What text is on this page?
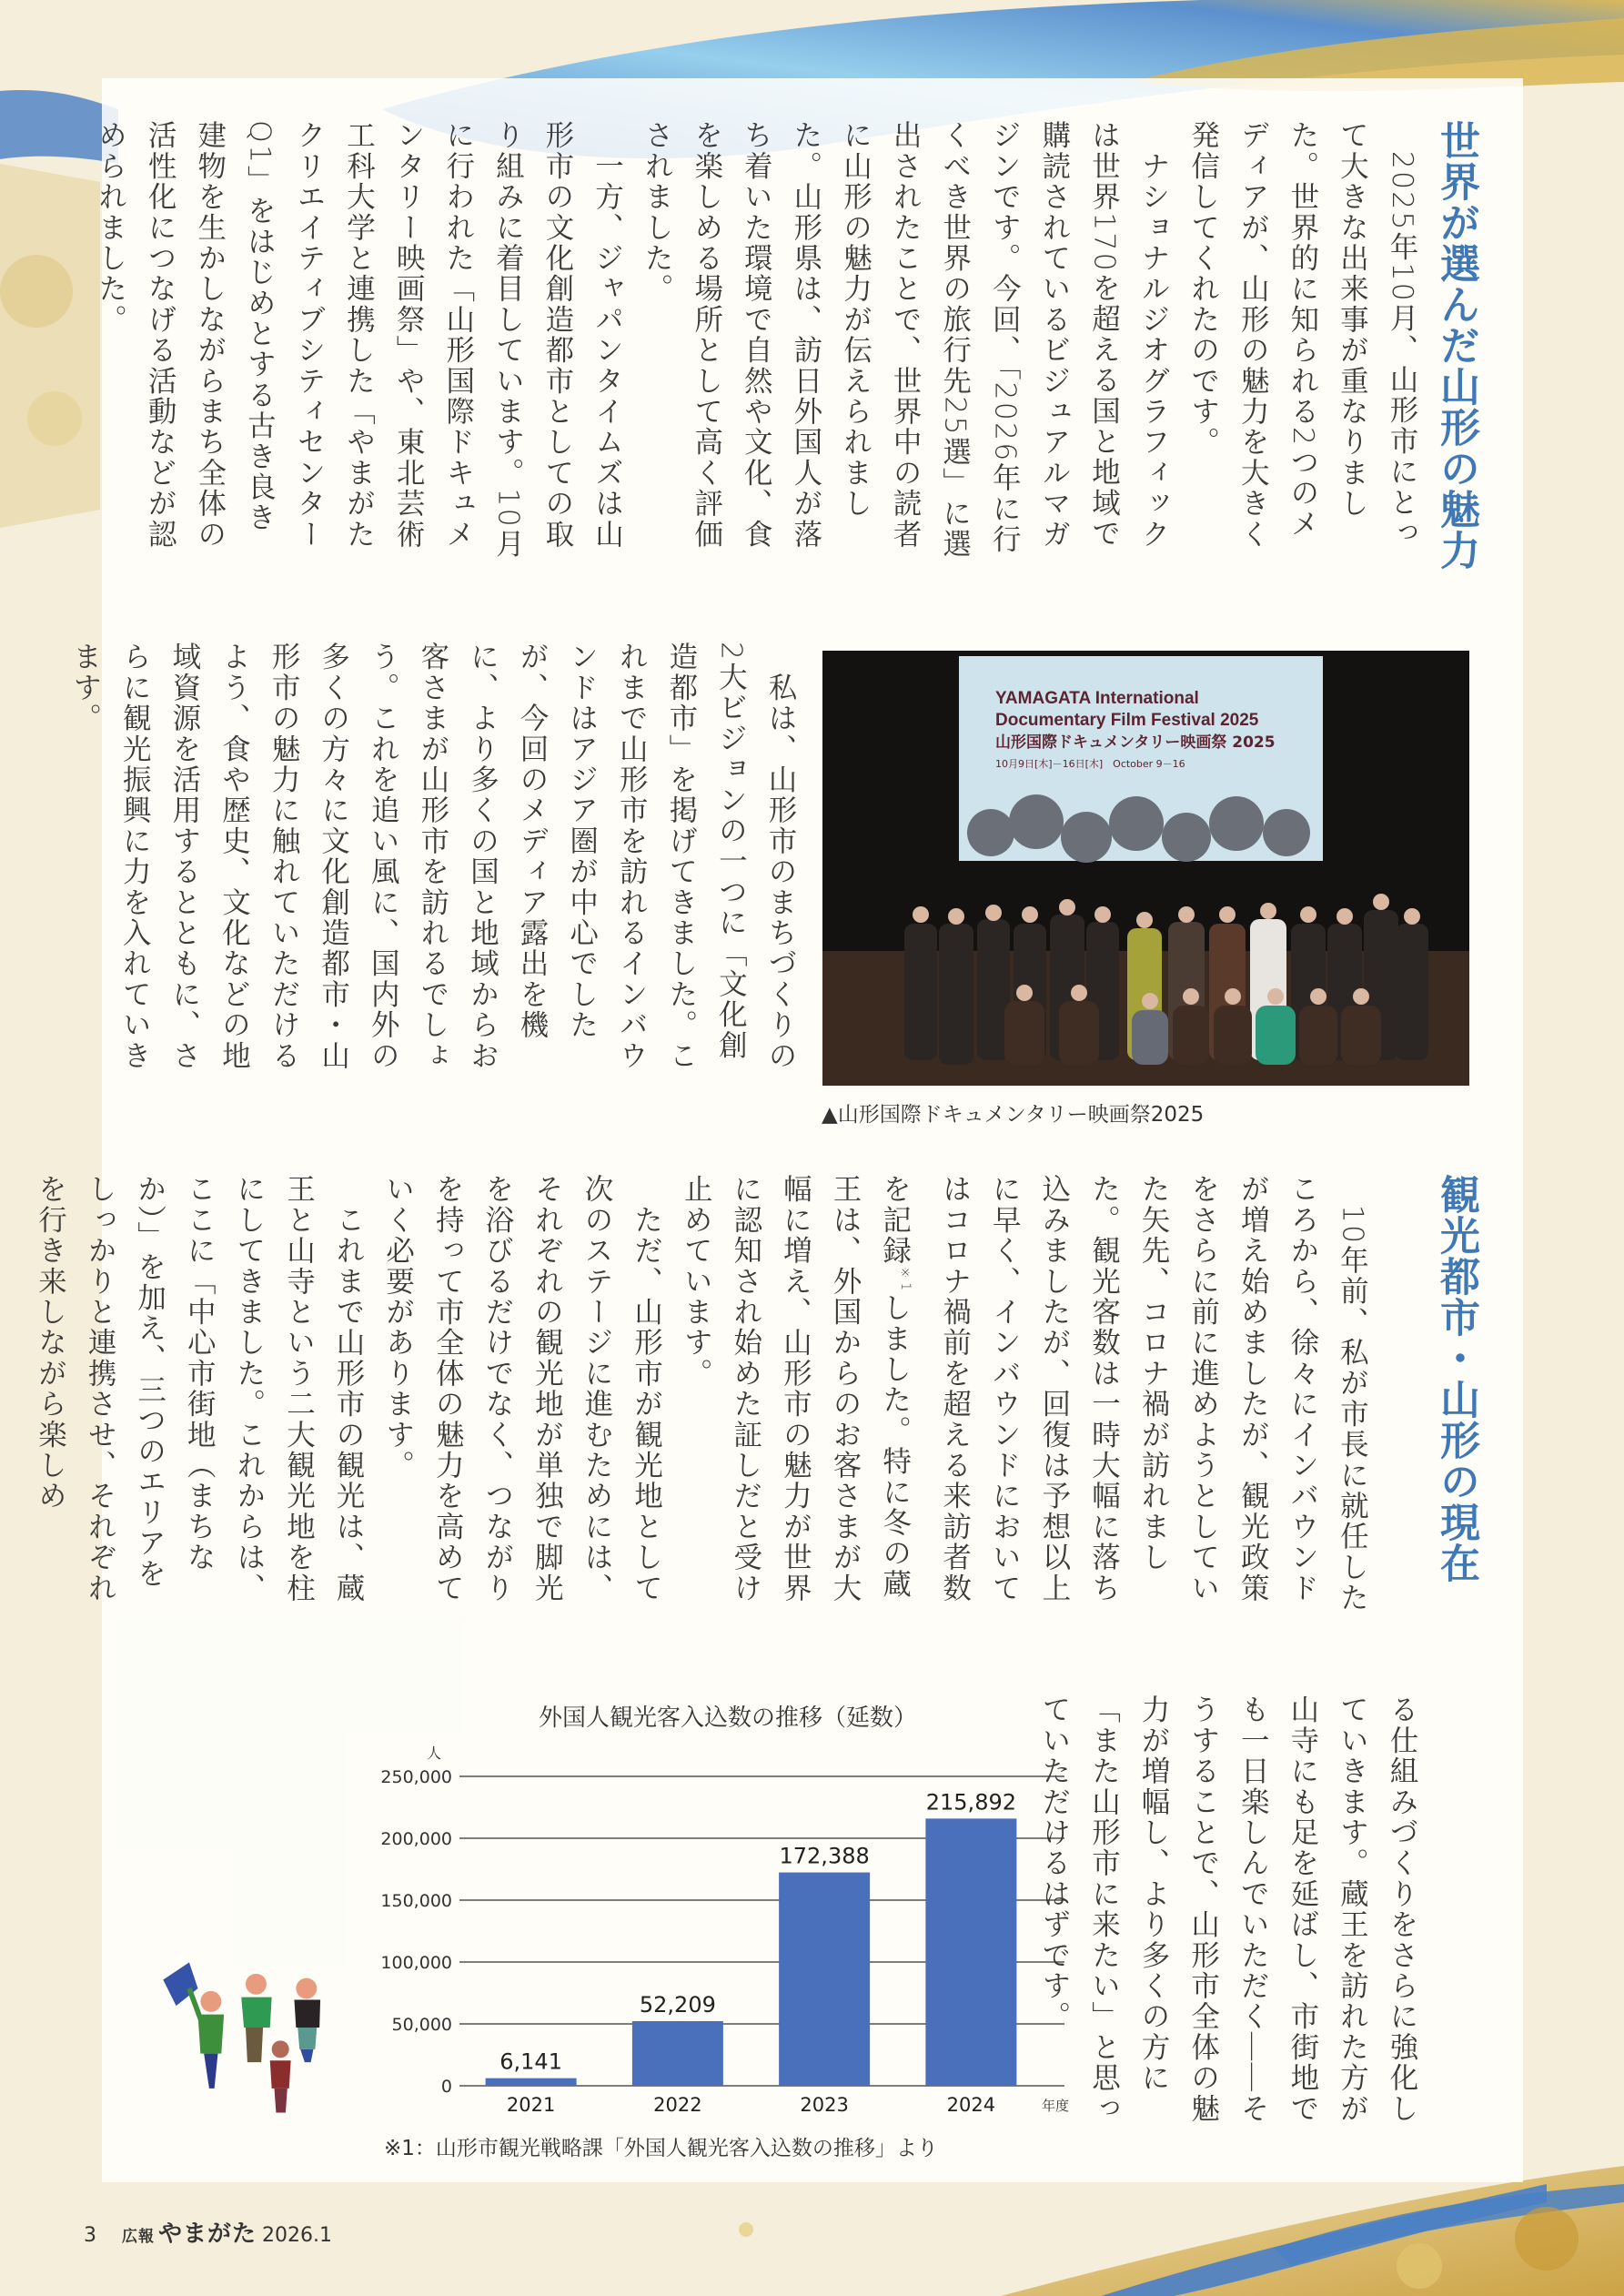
世界が選んだ山形の魅力
　2025年10月、山形市にとって大きな出来事が重なりました。世界的に知られる2つのメディアが、山形の魅力を大きく発信してくれたのです。
　ナショナルジオグラフィックは世界170を超える国と地域で購読されているビジュアルマガジンです。今回、「2026年に行くべき世界の旅行先25選」に選出されたことで、世界中の読者に山形の魅力が伝えられました。山形県は、訪日外国人が落ち着いた環境で自然や文化、食を楽しめる場所として高く評価されました。
　一方、ジャパンタイムズは山形市の文化創造都市としての取り組みに着目しています。10月に行われた「山形国際ドキュメンタリー映画祭」や、東北芸術工科大学と連携した「やまがたクリエイティブシティセンターQ1」をはじめとする古き良き建物を生かしながらまち全体の活性化につなげる活動などが認められました。
　私は、山形市のまちづくりの2大ビジョンの一つに「文化創造都市」を掲げてきました。これまで山形市を訪れるインバウンドはアジア圏が中心でしたが、今回のメディア露出を機に、より多くの国と地域からお客さまが山形市を訪れるでしょう。これを追い風に、国内外の多くの方々に文化創造都市・山形市の魅力に触れていただけるよう、食や歴史、文化などの地域資源を活用するとともに、さらに観光振興に力を入れていきます。	YAMAGATA International
Documentary Film Festival 2025
山形国際ドキュメンタリー映画祭 2025
10月9日[木]－16日[木]　October 9－16
▲山形国際ドキュメンタリー映画祭2025
観光都市・山形の現在

　10年前、私が市長に就任したころから、徐々にインバウンドが増え始めましたが、観光政策をさらに前に進めようとしていた矢先、コロナ禍が訪れました。観光客数は一時大幅に落ち込みましたが、回復は予想以上に早く、インバウンドにおいてはコロナ禍前を超える来訪者数を記録$^{※1}$しました。特に冬の蔵王は、外国からのお客さまが大幅に増え、山形市の魅力が世界に認知され始めた証しだと受け止めています。
　ただ、山形市が観光地として次のステージに進むためには、それぞれの観光地が単独で脚光を浴びるだけでなく、つながりを持って市全体の魅力を高めていく必要があります。
　これまで山形市の観光は、蔵王と山寺という二大観光地を柱にしてきました。これからは、ここに「中心市街地（まちなか）」を加え、三つのエリアをしっかりと連携させ、それぞれを行き来しながら楽しめ

る仕組みづくりをさらに強化していきます。蔵王を訪れた方が山寺にも足を延ばし、市街地でも一日楽しんでいただく――そうすることで、山形市全体の魅力が増幅し、より多くの方に「また山形市に来たい」と思っていただけるはずです。
外国人観光客入込数の推移（延数）
人
年度
0
50,000
100,000
150,000
200,000
250,000
6,141
2021
52,209
2022
172,388
2023
215,892
2024
※1：山形市観光戦略課「外国人観光客入込数の推移」より
3 広報 やまがた 2026.1
